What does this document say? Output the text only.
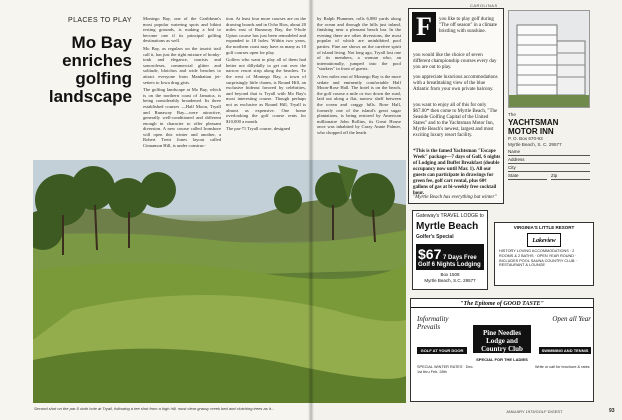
PLACES TO PLAY
Mo Bay
enriches
golfing
landscape

Montego Bay, one of the Caribbean's most popular watering spots and bikini resting grounds, is making a bid to become one if its principal golfing destinations as well.

Mo Bay, as regulars on the tourist trail call it, has just the right mixture of honky-tonk and elegance, tourists and sonoroleses, commercial glitter and solitude, blotchos and wide beaches to attract everyone from Manhattan jet-setters to Iowa drug gists.

The golfing landscape at Mo Bay, which is on the northern coast of Jamaica, is being considerably broadened. Its three established courses —Half Moon, Tryall and Runaway Bay—were attractive, generally well-conditioned and different enough in character to offer pleasant diversion. A new course called Ironshore will open this winter and another, a Robert Trent Jones layout called Cinnamon Hill, is under construc-

tion. At least four more courses are on the drawing boards and in Ocho Rios, about 20 miles east of Runaway Bay, the 9-hole Upton course has just been remodeled and expanded to 18 holes. Within two years, the northern coast may have as many as 10 golf courses open for play.

Golfers who want to play all of them had better not dillydally to get out over the narrow resort strip along the beaches. To the west of Montego Bay, a town of surprisingly little charm, is Round Hill, an exclusive hideout favored by celebrities, and beyond that is Tryall with Mo Bay's most interesting course. Though perhaps not as exclusive as Round Hill, Tryall is almost as expensive. One home overlooking the golf course rents for $10,000 a month.

The par-71 Tryall course, designed

by Ralph Plummer, rolls 6,880 yards along the ocean and through the hills just inland, finishing near a pleasant beach bar. In the evening there are other diversions, the most popular of which are uninhibited pool parties. Fine are shows on the carefree spirit of island living. Not long ago, Tryall lost one of its members, a woman who, an internationally, jumped into the pool "starkers" in front of guests.

A few miles east of Montego Bay is the more sedate and eminently comfortable Half Moon-Rose Hall. The hotel is on the beach, the golf course a mile or two down the road, laid out along a flat, narrow shelf between the ocean and craggy hills. Rose Hall, formerly one of the island's great sugar plantations, is being restored by American millionaire John Rollins, its Great House once was inhabited by Crazy Annie Palmer, who chopped off the heads

Second shot on the par-5 sixth hole at Tryall, following a tee shot from a high hill, must clear grassy creek bed and clutching trees as it...
CAROLINAS
you like to play golf during "The off season" in a climate bristling with sunshine.
you would like the choice of seven different championship courses every day you are out to play.
you appreciate luxurious accommodations with a breathtaking view of the blue Atlantic from your own private balcony.
you want to enjoy all of this for only $67.00* then come to Myrtle Beach, "The Seaside Golfing Capital of the United States" and to the Yachtsman Motor Inn, Myrtle Beach's newest, largest and most exciting luxury resort facility.
*This is the famed Yachtsman "Escape Week" package—7 days of Golf, 6 nights of Lodging and Buffet Breakfast (double occupancy now until Mar. 1). All our guests can participate in drawings for green fee, golf cart rental, plus 60¢ gallons of gas at bi-weekly free cocktail hour.
"Myrtle Beach has everything but winter"
F
The
YACHTSMAN MOTOR INN
P. O. Box 670-93
Myrtle Beach, S. C. 29577
Name
Address
City
State	Zip
Gateway's TRAVEL LODGE to
Myrtle Beach
Golfer's Special
$67 7 Days Free Golf 6 Nights Lodging
Box 1508
Myrtle Beach, S.C. 29577
VIRGINIA'S LITTLE RESORT
Lakeview
HISTORY LOVING ACCOMMODATIONS · 2 ROOMS & 2 BATHS · OPEN YEAR ROUND · INCLUDES POOL SAUNA COUNTRY CLUB · RESTAURANT & LOUNGE
"The Epitome of GOOD TASTE"
Informality Prevails
Open all Year
Pine Needles Lodge and Country Club
GOLF AT YOUR DOOR	SWIMMING AND TENNIS
SPECIAL FOR THE LADIES
SPECIAL WINTER RATES · Dec. 1st thru Feb. 28th
Write or call for brochure & rates
JANUARY 1973/GOLF DIGEST	93
